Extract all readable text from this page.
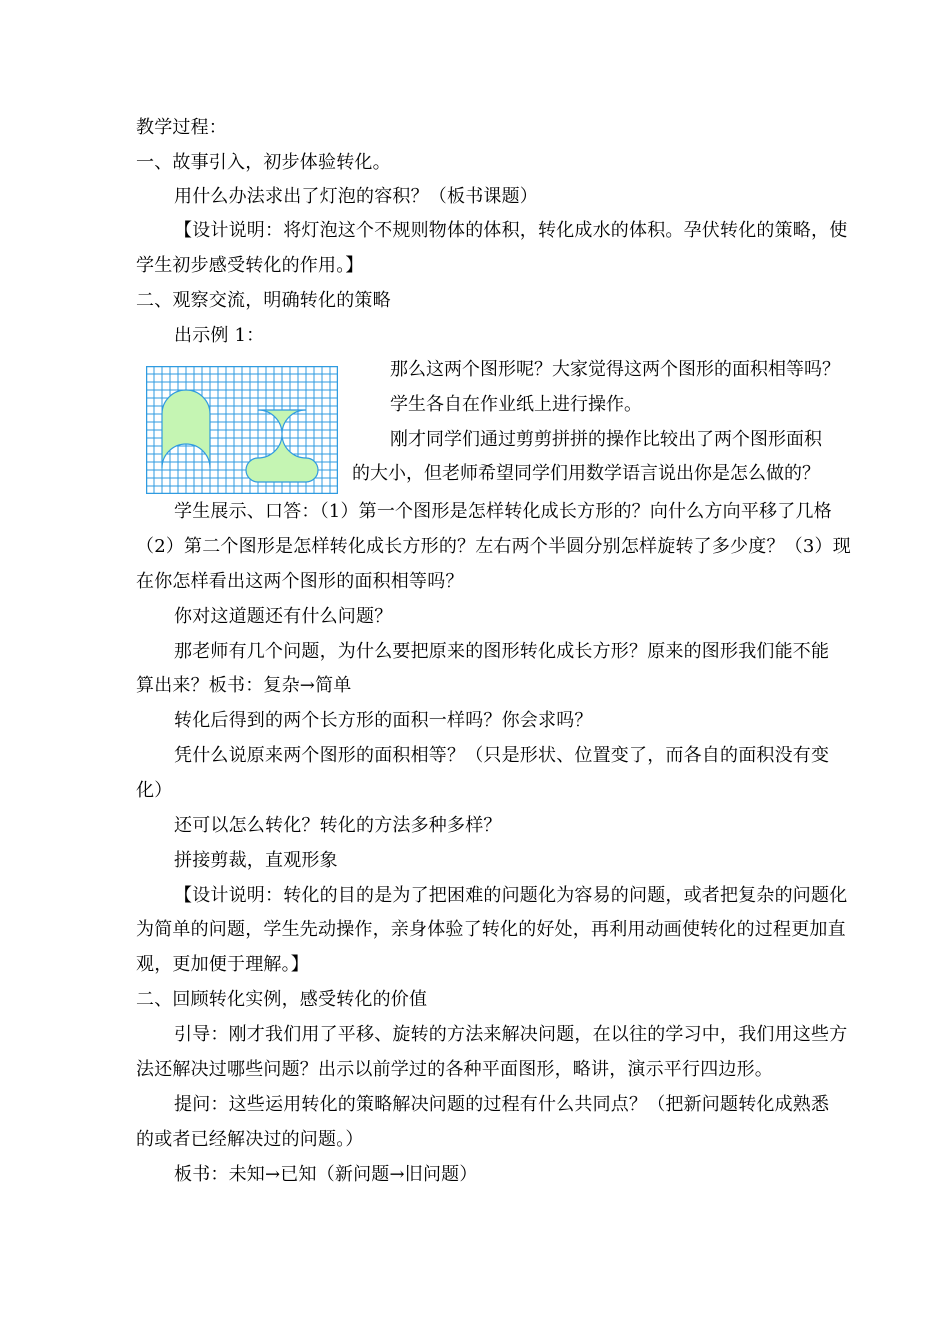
教学过程：
一、故事引入，初步体验转化。
用什么办法求出了灯泡的容积？（板书课题）
【设计说明：将灯泡这个不规则物体的体积，转化成水的体积。孕伏转化的策略，使
学生初步感受转化的作用。】
二、观察交流，明确转化的策略
出示例 1：
那么这两个图形呢？大家觉得这两个图形的面积相等吗？
学生各自在作业纸上进行操作。
刚才同学们通过剪剪拼拼的操作比较出了两个图形面积
的大小，但老师希望同学们用数学语言说出你是怎么做的？
学生展示、口答：（1）第一个图形是怎样转化成长方形的？向什么方向平移了几格
（2）第二个图形是怎样转化成长方形的？左右两个半圆分别怎样旋转了多少度？（3）现
在你怎样看出这两个图形的面积相等吗？
你对这道题还有什么问题？
那老师有几个问题，为什么要把原来的图形转化成长方形？原来的图形我们能不能
算出来？板书：复杂→简单
转化后得到的两个长方形的面积一样吗？你会求吗？
凭什么说原来两个图形的面积相等？（只是形状、位置变了，而各自的面积没有变
化）
还可以怎么转化？转化的方法多种多样？
拼接剪裁，直观形象
【设计说明：转化的目的是为了把困难的问题化为容易的问题，或者把复杂的问题化
为简单的问题，学生先动操作，亲身体验了转化的好处，再利用动画使转化的过程更加直
观，更加便于理解。】
二、回顾转化实例，感受转化的价值
引导：刚才我们用了平移、旋转的方法来解决问题，在以往的学习中，我们用这些方
法还解决过哪些问题？出示以前学过的各种平面图形，略讲，演示平行四边形。
提问：这些运用转化的策略解决问题的过程有什么共同点？（把新问题转化成熟悉
的或者已经解决过的问题。）
板书：未知→已知（新问题→旧问题）
